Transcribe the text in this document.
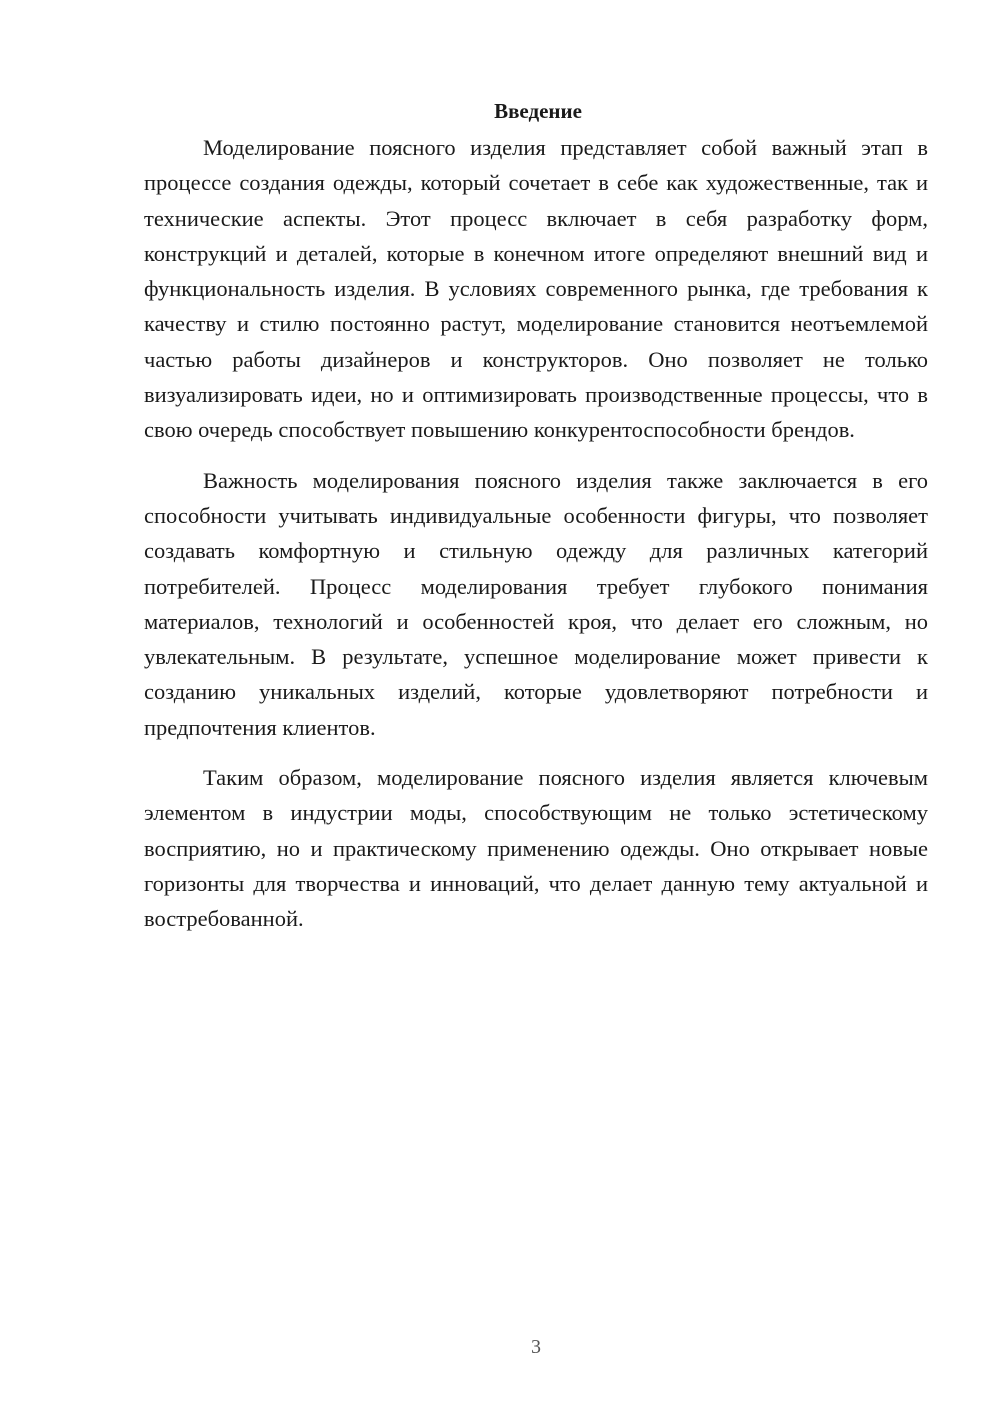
Введение

Моделирование поясного изделия представляет собой важный этап в процессе создания одежды, который сочетает в себе как художественные, так и технические аспекты. Этот процесс включает в себя разработку форм, конструкций и деталей, которые в конечном итоге определяют внешний вид и функциональность изделия. В условиях современного рынка, где требования к качеству и стилю постоянно растут, моделирование становится неотъемлемой частью работы дизайнеров и конструкторов. Оно позволяет не только визуализировать идеи, но и оптимизировать производственные процессы, что в свою очередь способствует повышению конкурентоспособности брендов.

Важность моделирования поясного изделия также заключается в его способности учитывать индивидуальные особенности фигуры, что позволяет создавать комфортную и стильную одежду для различных категорий потребителей. Процесс моделирования требует глубокого понимания материалов, технологий и особенностей кроя, что делает его сложным, но увлекательным. В результате, успешное моделирование может привести к созданию уникальных изделий, которые удовлетворяют потребности и предпочтения клиентов.

Таким образом, моделирование поясного изделия является ключевым элементом в индустрии моды, способствующим не только эстетическому восприятию, но и практическому применению одежды. Оно открывает новые горизонты для творчества и инноваций, что делает данную тему актуальной и востребованной.

3
